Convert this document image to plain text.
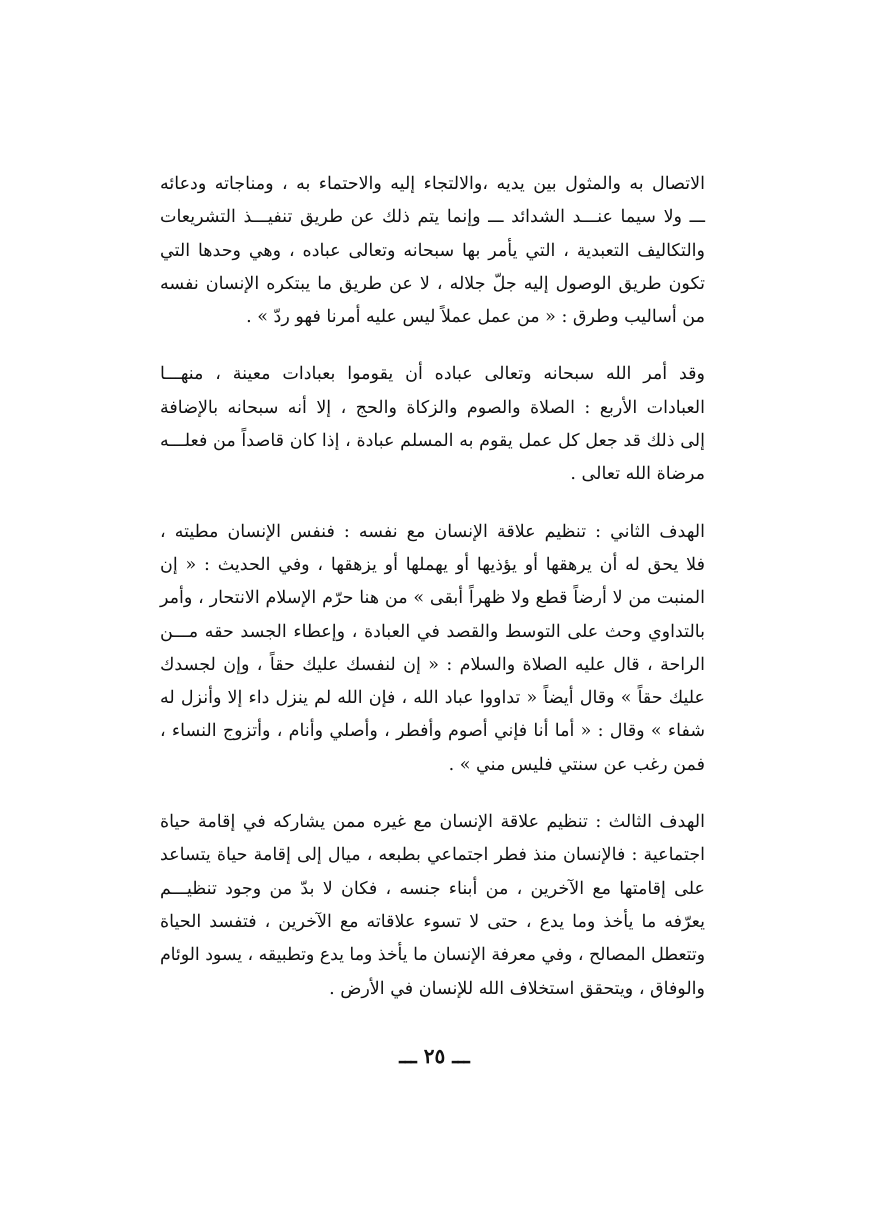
الاتصال به والمثول بين يديه ،والالتجاء إليه والاحتماء به ، ومناجاته ودعائه
ـــ ولا سيما عنـــد الشدائد ـــ وإنما يتم ذلك عن طريق تنفيـــذ التشريعات
والتكاليف التعبدية ، التي يأمر بها سبحانه وتعالى عباده ، وهي وحدها التي
تكون طريق الوصول إليه جلّ جلاله ، لا عن طريق ما يبتكره الإنسان نفسه
من أساليب وطرق : « من عمل عملاً ليس عليه أمرنا فهو ردّ » .

وقد أمر الله سبحانه وتعالى عباده أن يقوموا بعبادات معينة ، منهـــا
العبادات الأربع : الصلاة والصوم والزكاة والحج ، إلا أنه سبحانه بالإضافة
إلى ذلك قد جعل كل عمل يقوم به المسلم عبادة ، إذا كان قاصداً من فعلـــه
مرضاة الله تعالى .

الهدف الثاني : تنظيم علاقة الإنسان مع نفسه : فنفس الإنسان مطيته ،
فلا يحق له أن يرهقها أو يؤذيها أو يهملها أو يزهقها ، وفي الحديث : « إن
المنبت من لا أرضاً قطع ولا ظهراً أبقى » من هنا حرّم الإسلام الانتحار ، وأمر
بالتداوي وحث على التوسط والقصد في العبادة ، وإعطاء الجسد حقه مـــن
الراحة ، قال عليه الصلاة والسلام : « إن لنفسك عليك حقاً ، وإن لجسدك
عليك حقاً » وقال أيضاً « تداووا عباد الله ، فإن الله لم ينزل داء إلا وأنزل له
شفاء » وقال : « أما أنا فإني أصوم وأفطر ، وأصلي وأنام ، وأتزوج النساء ،
فمن رغب عن سنتي فليس مني » .

الهدف الثالث : تنظيم علاقة الإنسان مع غيره ممن يشاركه في إقامة حياة
اجتماعية : فالإنسان منذ فطر اجتماعي بطبعه ، ميال إلى إقامة حياة يتساعد
على إقامتها مع الآخرين ، من أبناء جنسه ، فكان لا بدّ من وجود تنظيـــم
يعرّفه ما يأخذ وما يدع ، حتى لا تسوء علاقاته مع الآخرين ، فتفسد الحياة
وتتعطل المصالح ، وفي معرفة الإنسان ما يأخذ وما يدع وتطبيقه ، يسود الوئام
والوفاق ، ويتحقق استخلاف الله للإنسان في الأرض .

ـــ ٢٥ ـــ
